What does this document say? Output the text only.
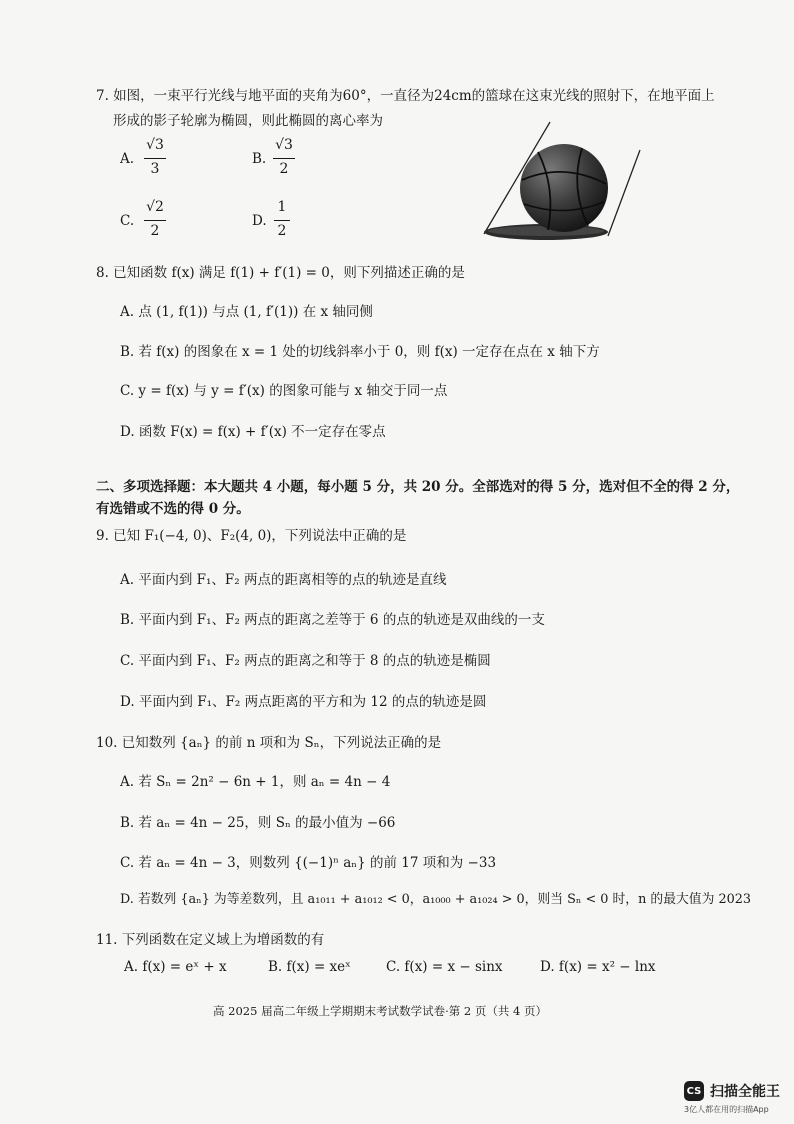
7. 如图，一束平行光线与地平面的夹角为60°，一直径为24cm的篮球在这束光线的照射下，在地平面上
形成的影子轮廓为椭圆，则此椭圆的离心率为
A.
√3
3
B.
√3
2
C.
√2
2
D.
1
2
8. 已知函数 f(x) 满足 f(1) + f′(1) = 0，则下列描述正确的是
A. 点 (1, f(1)) 与点 (1, f′(1)) 在 x 轴同侧
B. 若 f(x) 的图象在 x = 1 处的切线斜率小于 0，则 f(x) 一定存在点在 x 轴下方
C. y = f(x) 与 y = f′(x) 的图象可能与 x 轴交于同一点
D. 函数 F(x) = f(x) + f′(x) 不一定存在零点
二、多项选择题：本大题共 4 小题，每小题 5 分，共 20 分。全部选对的得 5 分，选对但不全的得 2 分，
有选错或不选的得 0 分。
9. 已知 F₁(−4, 0)、F₂(4, 0)，下列说法中正确的是
A. 平面内到 F₁、F₂ 两点的距离相等的点的轨迹是直线
B. 平面内到 F₁、F₂ 两点的距离之差等于 6 的点的轨迹是双曲线的一支
C. 平面内到 F₁、F₂ 两点的距离之和等于 8 的点的轨迹是椭圆
D. 平面内到 F₁、F₂ 两点距离的平方和为 12 的点的轨迹是圆
10. 已知数列 {aₙ} 的前 n 项和为 Sₙ，下列说法正确的是
A. 若 Sₙ = 2n² − 6n + 1，则 aₙ = 4n − 4
B. 若 aₙ = 4n − 25，则 Sₙ 的最小值为 −66
C. 若 aₙ = 4n − 3，则数列 {(−1)ⁿ aₙ} 的前 17 项和为 −33
D. 若数列 {aₙ} 为等差数列，且 a₁₀₁₁ + a₁₀₁₂ < 0，a₁₀₀₀ + a₁₀₂₄ > 0，则当 Sₙ < 0 时，n 的最大值为 2023
11. 下列函数在定义域上为增函数的有
A. f(x) = eˣ + x	B. f(x) = xeˣ	C. f(x) = x − sinx	D. f(x) = x² − lnx
高 2025 届高二年级上学期期末考试数学试卷·第 2 页（共 4 页）
CS 扫描全能王
3亿人都在用的扫描App
